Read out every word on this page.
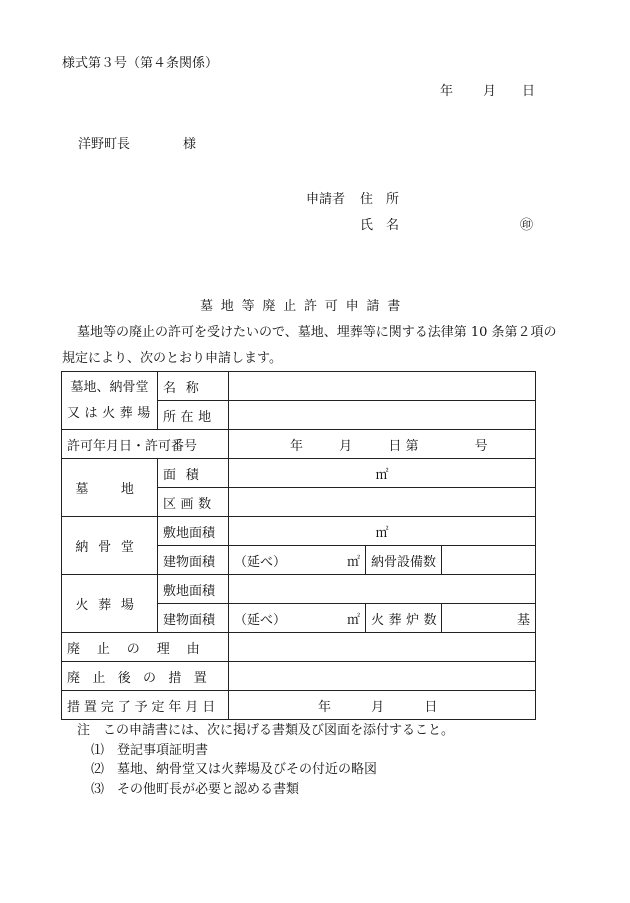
様式第３号（第４条関係）
年 月 日
洋野町長	様
申請者 住　所
氏　名	㊞
墓地等廃止許可申請書
墓地等の廃止の許可を受けたいので、墓地、埋葬等に関する法律第 10 条第２項の
規定により、次のとおり申請します。
墓地、納骨堂
又は火葬場	名称			
	所在地			
許可年月日・許可番号		年 月 日 第 号		
墓　地	面積	㎡		
	区画数			
納骨堂	敷地面積	㎡		
	建物面積	（延べ） ㎡	納骨設備数	
火葬場	敷地面積			
	建物面積	（延べ） ㎡	火葬炉数	基
廃止の理由				
廃止後の措置				
措置完了予定年月日		年 月 日		
注　この申請書には、次に掲げる書類及び図面を添付すること。
⑴　登記事項証明書
⑵　墓地、納骨堂又は火葬場及びその付近の略図
⑶　その他町長が必要と認める書類
